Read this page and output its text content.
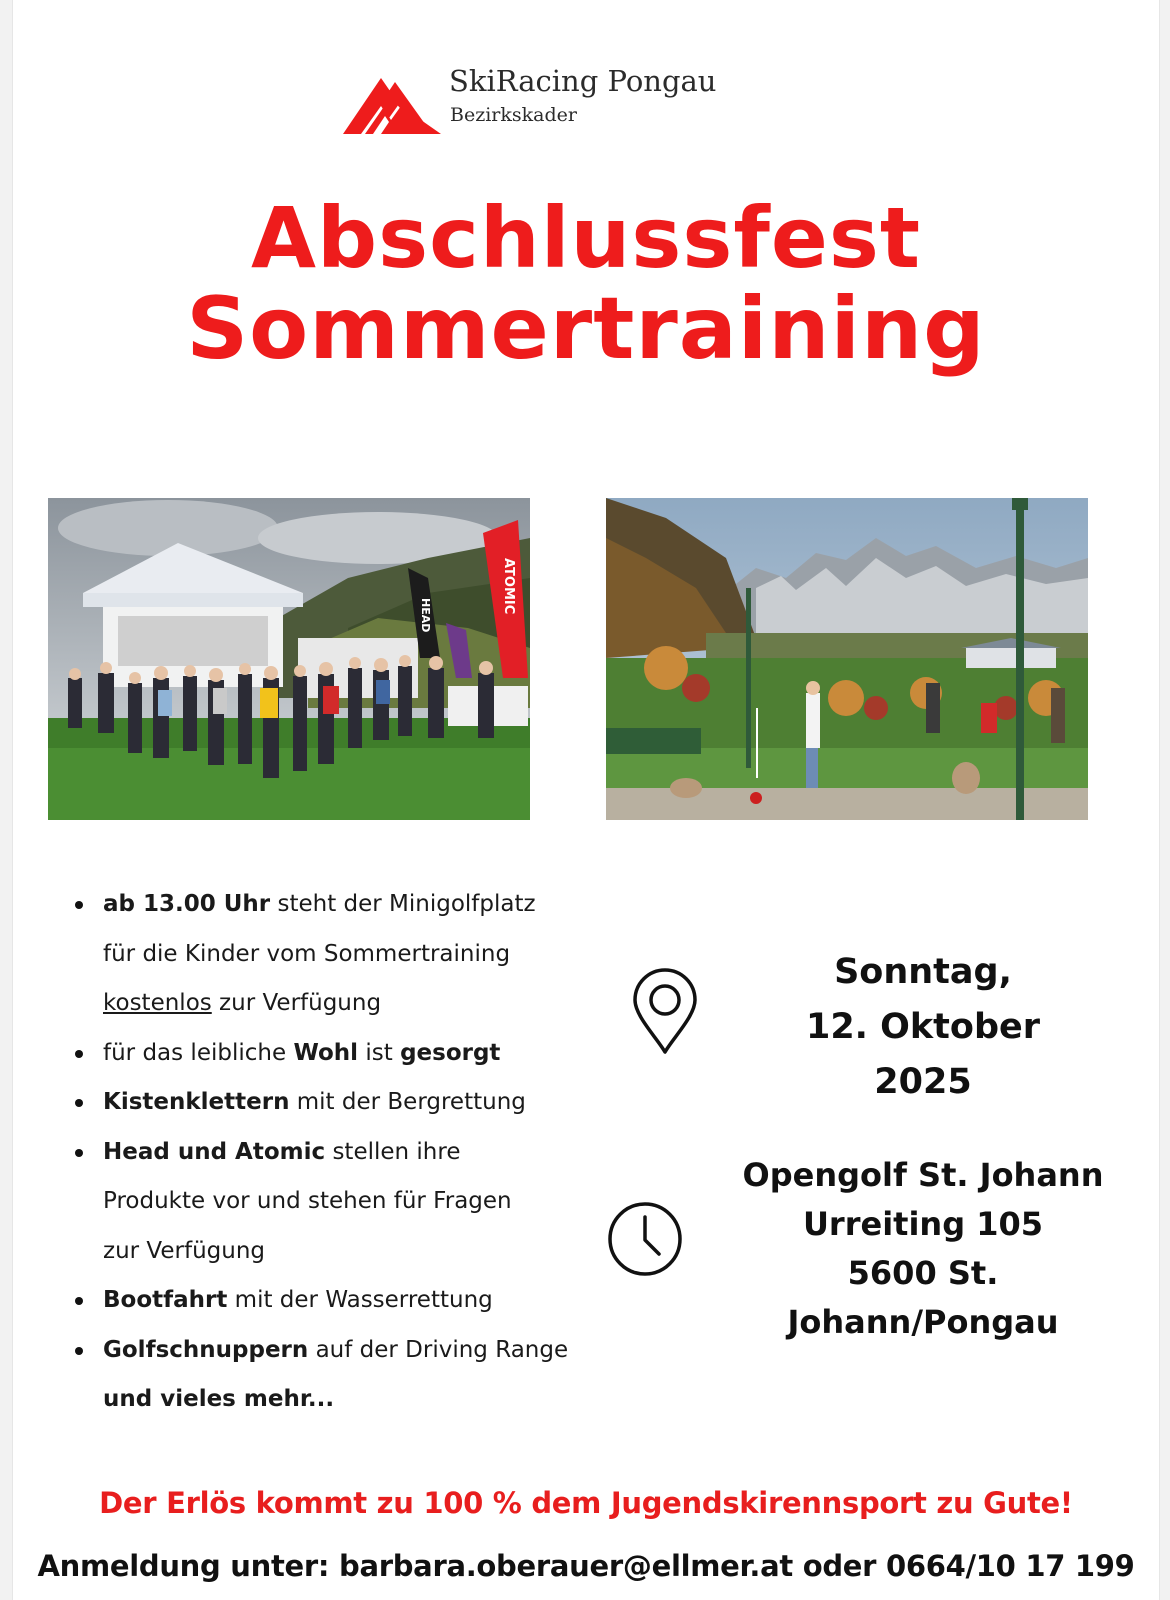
SkiRacing Pongau
Bezirkskader
Abschlussfest
Sommertraining
ATOMIC
HEAD
ab 13.00 Uhr steht der Minigolfplatz
für die Kinder vom Sommertraining
kostenlos zur Verfügung
für das leibliche Wohl ist gesorgt
Kistenklettern mit der Bergrettung
Head und Atomic stellen ihre
Produkte vor und stehen für Fragen
zur Verfügung
Bootfahrt mit der Wasserrettung
Golfschnuppern auf der Driving Range
und vieles mehr...
Sonntag,
12. Oktober
2025
Opengolf St. Johann
Urreiting 105
5600 St.
Johann/Pongau
Der Erlös kommt zu 100 % dem Jugendskirennsport zu Gute!
Anmeldung unter: barbara.oberauer@ellmer.at oder 0664/10 17 199
